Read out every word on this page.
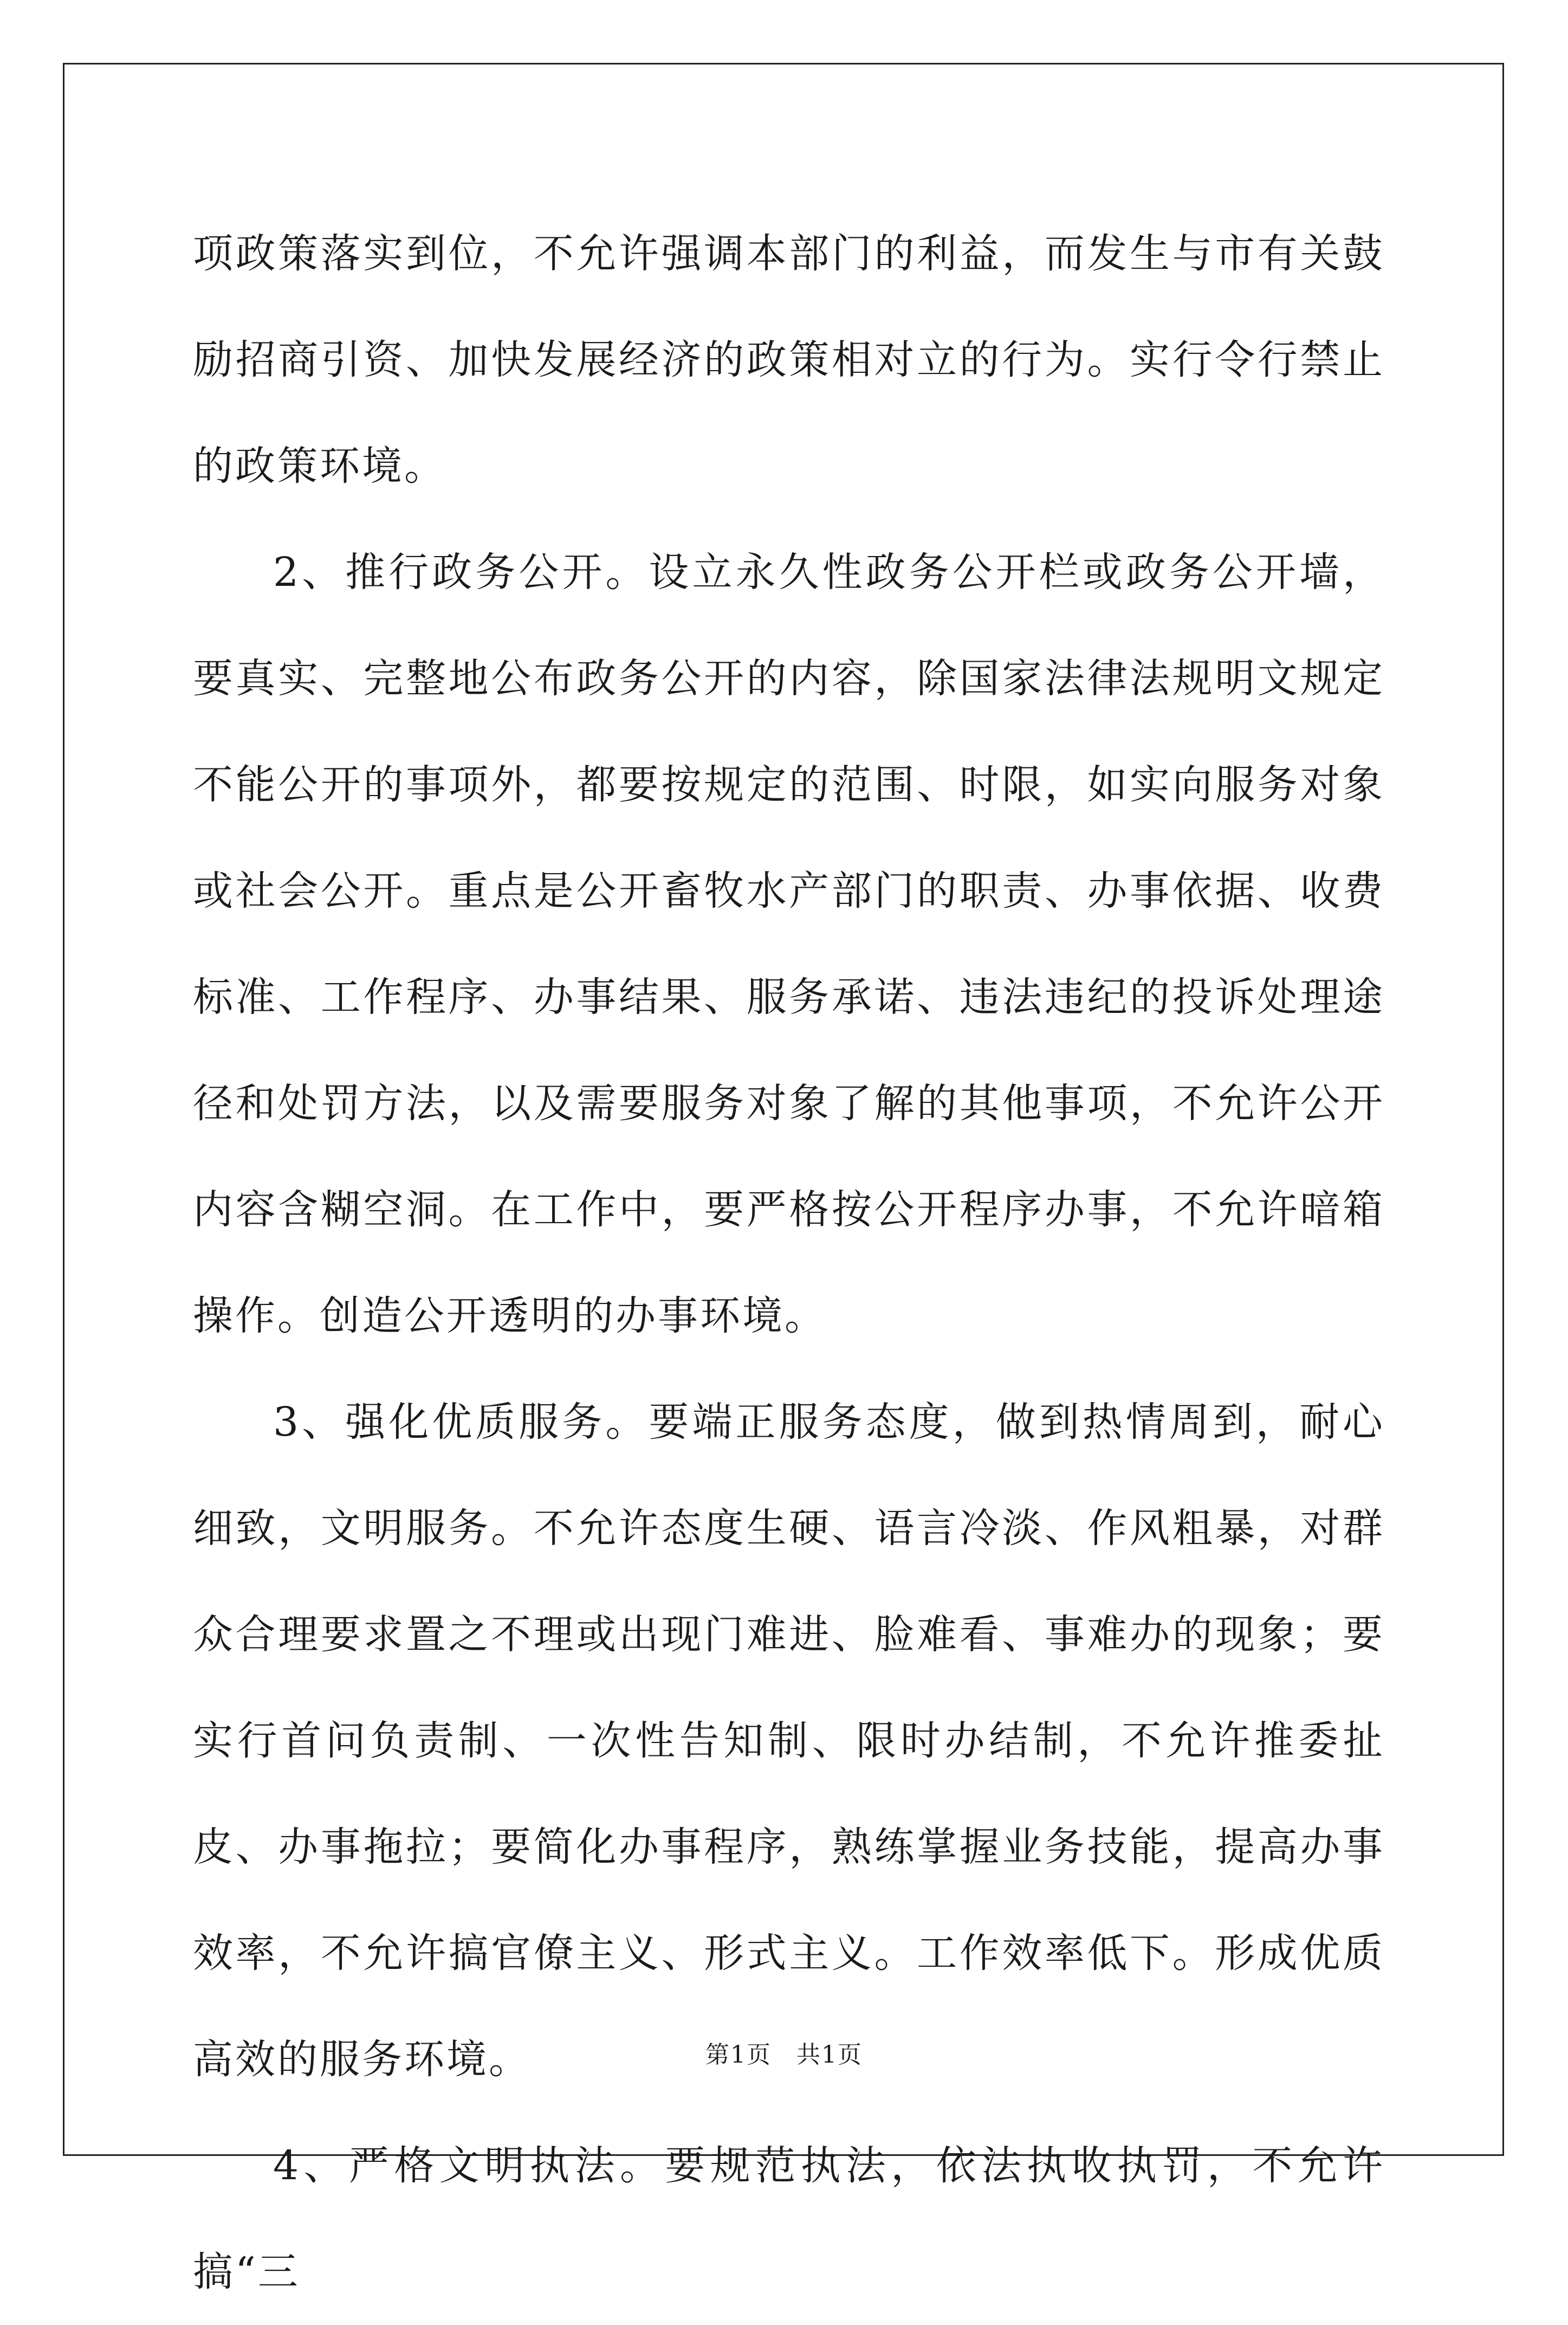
项政策落实到位，不允许强调本部门的利益，而发生与市有关鼓励招商引资、加快发展经济的政策相对立的行为。实行令行禁止的政策环境。

2、推行政务公开。设立永久性政务公开栏或政务公开墙，要真实、完整地公布政务公开的内容，除国家法律法规明文规定不能公开的事项外，都要按规定的范围、时限，如实向服务对象或社会公开。重点是公开畜牧水产部门的职责、办事依据、收费标准、工作程序、办事结果、服务承诺、违法违纪的投诉处理途径和处罚方法，以及需要服务对象了解的其他事项，不允许公开内容含糊空洞。在工作中，要严格按公开程序办事，不允许暗箱操作。创造公开透明的办事环境。

3、强化优质服务。要端正服务态度，做到热情周到，耐心细致，文明服务。不允许态度生硬、语言冷淡、作风粗暴，对群众合理要求置之不理或出现门难进、脸难看、事难办的现象；要实行首问负责制、一次性告知制、限时办结制，不允许推委扯皮、办事拖拉；要简化办事程序，熟练掌握业务技能，提高办事效率，不允许搞官僚主义、形式主义。工作效率低下。形成优质高效的服务环境。

4、严格文明执法。要规范执法，依法执收执罚，不允许搞“三

第1页　共1页
